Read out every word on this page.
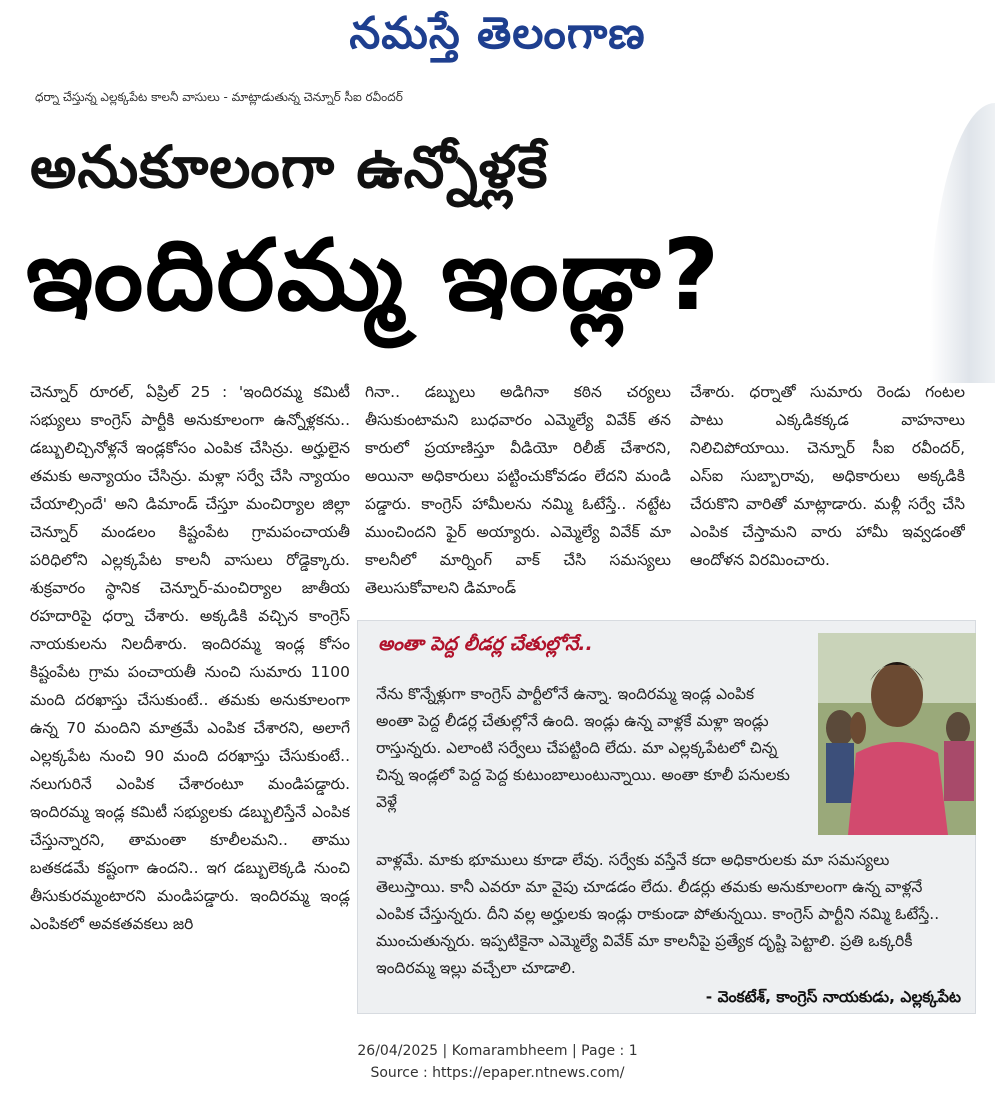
నమస్తే తెలంగాణ
ధర్నా చేస్తున్న ఎల్లక్కపేట కాలనీ వాసులు‌ - మాట్లాడుతున్న చెన్నూర్ సీఐ రవీందర్
అనుకూలంగా ఉన్నోళ్లకే
ఇందిరమ్మ ఇండ్లా?

చెన్నూర్ రూరల్, ఏప్రిల్ 25 : 'ఇందిరమ్మ కమిటీ సభ్యులు కాంగ్రెస్ పార్టీకి అనుకూలంగా ఉన్నోళ్లకను.. డబ్బులిచ్చినోళ్లనే ఇండ్లకోసం ఎంపిక చేసిన్రు. అర్హులైన తమకు అన్యాయం చేసిన్రు. మళ్లా సర్వే చేసి న్యాయం చేయాల్సిందే' అని డిమాండ్ చేస్తూ మంచిర్యాల జిల్లా చెన్నూర్ మండలం కిష్టంపేట గ్రామపంచాయతీ పరిధిలోని ఎల్లక్కపేట కాలనీ వాసులు రోడ్డెక్కారు. శుక్రవారం స్థానిక చెన్నూర్-మంచిర్యాల జాతీయ రహదారిపై ధర్నా చేశారు. అక్కడికి వచ్చిన కాంగ్రెస్ నాయకులను నిలదీశారు. ఇందిరమ్మ ఇండ్ల కోసం కిష్టంపేట గ్రామ పంచాయతీ నుంచి సుమారు 1100 మంది దరఖాస్తు చేసుకుంటే.. తమకు అనుకూలంగా ఉన్న 70 మందిని మాత్రమే ఎంపిక చేశారని, అలాగే ఎల్లక్కపేట నుంచి 90 మంది దరఖాస్తు చేసుకుంటే.. నలుగురినే ఎంపిక చేశారంటూ మండిపడ్డారు. ఇందిరమ్మ ఇండ్ల కమిటీ సభ్యులకు డబ్బులిస్తేనే ఎంపిక చేస్తున్నారని, తామంతా కూలీలమని.. తాము బతకడమే కష్టంగా ఉందని.. ఇగ డబ్బులెక్కడి నుంచి తీసుకురమ్మంటారని మండిపడ్డారు. ఇందిరమ్మ ఇండ్ల ఎంపికలో అవకతవకలు జరి

గినా.. డబ్బులు అడిగినా కఠిన చర్యలు తీసుకుంటామని బుధవారం ఎమ్మెల్యే వివేక్ తన కారులో ప్రయాణిస్తూ వీడియో రిలీజ్ చేశారని, అయినా అధికారులు పట్టించుకోవడం లేదని మండి పడ్డారు. కాంగ్రెస్ హామీలను నమ్మి ఓటేస్తే.. నట్టేట ముంచిందని ఫైర్ అయ్యారు. ఎమ్మెల్యే వివేక్ మా కాలనీలో మార్నింగ్ వాక్ చేసి సమస్యలు తెలుసుకోవాలని డిమాండ్

చేశారు. ధర్నాతో సుమారు రెండు గంటల పాటు ఎక్కడికక్కడ వాహనాలు నిలిచిపోయాయి. చెన్నూర్ సీఐ రవీందర్, ఎస్ఐ సుబ్బారావు, అధికారులు అక్కడికి చేరుకొని వారితో మాట్లాడారు. మళ్లీ సర్వే చేసి ఎంపిక చేస్తామని వారు హామీ ఇవ్వడంతో ఆందోళన విరమించారు.

అంతా పెద్ద లీడర్ల చేతుల్లోనే..
నేను కొన్నేళ్లుగా కాంగ్రెస్ పార్టీలోనే ఉన్నా. ఇందిరమ్మ ఇండ్ల ఎంపిక అంతా పెద్ద లీడర్ల చేతుల్లోనే ఉంది. ఇండ్లు ఉన్న వాళ్లకే మళ్లా ఇండ్లు రాస్తున్నరు. ఎలాంటి సర్వేలు చేపట్టింది లేదు. మా ఎల్లక్కపేటలో చిన్న చిన్న ఇండ్లలో పెద్ద పెద్ద కుటుంబాలుంటున్నాయి. అంతా కూలీ పనులకు వెళ్లే
వాళ్లమే. మాకు భూములు కూడా లేవు. సర్వేకు వస్తేనే కదా అధికారులకు మా సమస్యలు తెలుస్తాయి. కానీ ఎవరూ మా వైపు చూడడం లేదు. లీడర్లు తమకు అనుకూలంగా ఉన్న వాళ్లనే ఎంపిక చేస్తున్నరు. దీని వల్ల అర్హులకు ఇండ్లు రాకుండా పోతున్నయి. కాంగ్రెస్ పార్టీని నమ్మి ఓటేస్తే.. ముంచుతున్నరు. ఇప్పటికైనా ఎమ్మెల్యే వివేక్ మా కాలనీపై ప్రత్యేక దృష్టి పెట్టాలి. ప్రతి ఒక్కరికీ ఇందిరమ్మ ఇల్లు వచ్చేలా చూడాలి.
- వెంకటేశ్, కాంగ్రెస్ నాయకుడు, ఎల్లక్కపేట
26/04/2025 | Komarambheem | Page : 1
Source : https://epaper.ntnews.com/
